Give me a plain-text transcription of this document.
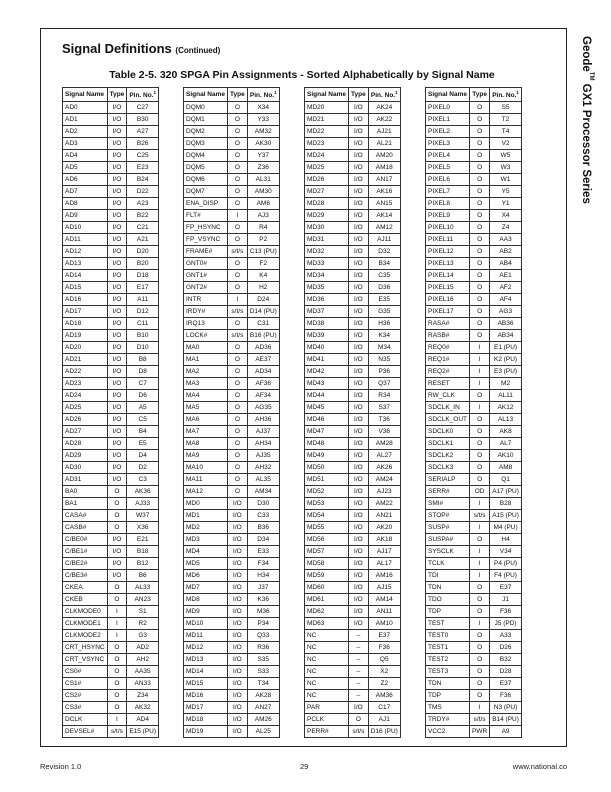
Signal Definitions (Continued)
Table 2-5. 320 SPGA Pin Assignments - Sorted Alphabetically by Signal Name
Geode™ GX1 Processor Series
Signal Name	Type	Pin. No.$^1$
AD0	I/O	C27
AD1	I/O	B30
AD2	I/O	A27
AD3	I/O	B26
AD4	I/O	C25
AD5	I/O	E23
AD6	I/O	B24
AD7	I/O	D22
AD8	I/O	A23
AD9	I/O	B22
AD10	I/O	C21
AD11	I/O	A21
AD12	I/O	D20
AD13	I/O	B20
AD14	I/O	D18
AD15	I/O	E17
AD16	I/O	A11
AD17	I/O	D12
AD18	I/O	C11
AD19	I/O	B10
AD20	I/O	D10
AD21	I/O	B8
AD22	I/O	D8
AD23	I/O	C7
AD24	I/O	D6
AD25	I/O	A5
AD26	I/O	C5
AD27	I/O	B4
AD28	I/O	E5
AD29	I/O	D4
AD30	I/O	D2
AD31	I/O	C3
BA0	O	AK36
BA1	O	AJ33
CASA#	O	W37
CASB#	O	X36
C/BE0#	I/O	E21
C/BE1#	I/O	B18
C/BE2#	I/O	B12
C/BE3#	I/O	B6
CKEA	O	AL33
CKEB	O	AN23
CLKMODE0	I	S1
CLKMODE1	I	R2
CLKMODE2	I	G3
CRT_HSYNC	O	AD2
CRT_VSYNC	O	AH2
CS0#	O	AA35
CS1#	O	AN33
CS2#	O	Z34
CS3#	O	AK32
DCLK	I	AD4
DEVSEL#	s/t/s	E15 (PU)
Signal Name	Type	Pin. No.$^1$
DQM0	O	X34
DQM1	O	Y33
DQM2	O	AM32
DQM3	O	AK30
DQM4	O	Y37
DQM5	O	Z36
DQM6	O	AL31
DQM7	O	AM30
ENA_DISP	O	AM6
FLT#	I	AJ3
FP_HSYNC	O	R4
FP_VSYNC	O	P2
FRAME#	s/t/s	C13 (PU)
GNT0#	O	F2
GNT1#	O	K4
GNT2#	O	H2
INTR	I	D24
IRDY#	s/t/s	D14 (PU)
IRQ13	O	C31
LOCK#	s/t/s	B16 (PU)
MA0	O	AD36
MA1	O	AE37
MA2	O	AD34
MA3	O	AF36
MA4	O	AF34
MA5	O	AG35
MA6	O	AH36
MA7	O	AJ37
MA8	O	AH34
MA9	O	AJ35
MA10	O	AH32
MA11	O	AL35
MA12	O	AM34
MD0	I/O	D30
MD1	I/O	C33
MD2	I/O	B36
MD3	I/O	D34
MD4	I/O	E33
MD5	I/O	F34
MD6	I/O	H34
MD7	I/O	J37
MD8	I/O	K36
MD9	I/O	M36
MD10	I/O	P34
MD11	I/O	Q33
MD12	I/O	R36
MD13	I/O	S35
MD14	I/O	S33
MD15	I/O	T34
MD16	I/O	AK28
MD17	I/O	AN27
MD18	I/O	AM26
MD19	I/O	AL25
Signal Name	Type	Pin. No.$^1$
MD20	I/O	AK24
MD21	I/O	AK22
MD22	I/O	AJ21
MD23	I/O	AL21
MD24	I/O	AM20
MD25	I/O	AM18
MD26	I/O	AN17
MD27	I/O	AK16
MD28	I/O	AN15
MD29	I/O	AK14
MD30	I/O	AM12
MD31	I/O	AJ11
MD32	I/O	D32
MD33	I/O	B34
MD34	I/O	C35
MD35	I/O	D36
MD36	I/O	E35
MD37	I/O	G35
MD38	I/O	H36
MD39	I/O	K34
MD40	I/O	M34
MD41	I/O	N35
MD42	I/O	P36
MD43	I/O	Q37
MD44	I/O	R34
MD45	I/O	S37
MD46	I/O	T36
MD47	I/O	V36
MD48	I/O	AM28
MD49	I/O	AL27
MD50	I/O	AK26
MD51	I/O	AM24
MD52	I/O	AJ23
MD53	I/O	AM22
MD54	I/O	AN21
MD55	I/O	AK20
MD56	I/O	AK18
MD57	I/O	AJ17
MD58	I/O	AL17
MD59	I/O	AM16
MD60	I/O	AJ15
MD61	I/O	AM14
MD62	I/O	AN11
MD63	I/O	AM10
NC	--	E37
NC	--	F36
NC	--	Q5
NC	--	X2
NC	--	Z2
NC	--	AM36
PAR	I/O	C17
PCLK	O	AJ1
PERR#	s/t/s	D16 (PU)
Signal Name	Type	Pin. No.$^1$
PIXEL0	O	S5
PIXEL1	O	T2
PIXEL2	O	T4
PIXEL3	O	V2
PIXEL4	O	W5
PIXEL5	O	W3
PIXEL6	O	W1
PIXEL7	O	Y5
PIXEL8	O	Y1
PIXEL9	O	X4
PIXEL10	O	Z4
PIXEL11	O	AA3
PIXEL12	O	AB2
PIXEL13	O	AB4
PIXEL14	O	AE1
PIXEL15	O	AF2
PIXEL16	O	AF4
PIXEL17	O	AG3
RASA#	O	AB36
RASB#	O	AB34
REQ0#	I	E1 (PU)
REQ1#	I	K2 (PU)
REQ2#	I	E3 (PU)
RESET	I	M2
RW_CLK	O	AL11
SDCLK_IN	I	AK12
SDCLK_OUT	O	AL13
SDCLK0	O	AK8
SDCLK1	O	AL7
SDCLK2	O	AK10
SDCLK3	O	AM8
SERIALP	O	Q1
SERR#	OD	A17 (PU)
SMI#	I	B28
STOP#	s/t/s	A15 (PU)
SUSP#	I	M4 (PU)
SUSPA#	O	H4
SYSCLK	I	V34
TCLK	I	P4 (PU)
TDI	I	F4 (PU)
TDN	O	E37
TDO	O	J1
TDP	O	F36
TEST	I	J5 (PD)
TEST0	O	A33
TEST1	O	D26
TEST2	O	B32
TEST3	O	D28
TDN	O	E37
TDP	O	F36
TMS	I	N3 (PU)
TRDY#	s/t/s	B14 (PU)
VCC2	PWR	A9
Revision 1.0	29	www.national.co
